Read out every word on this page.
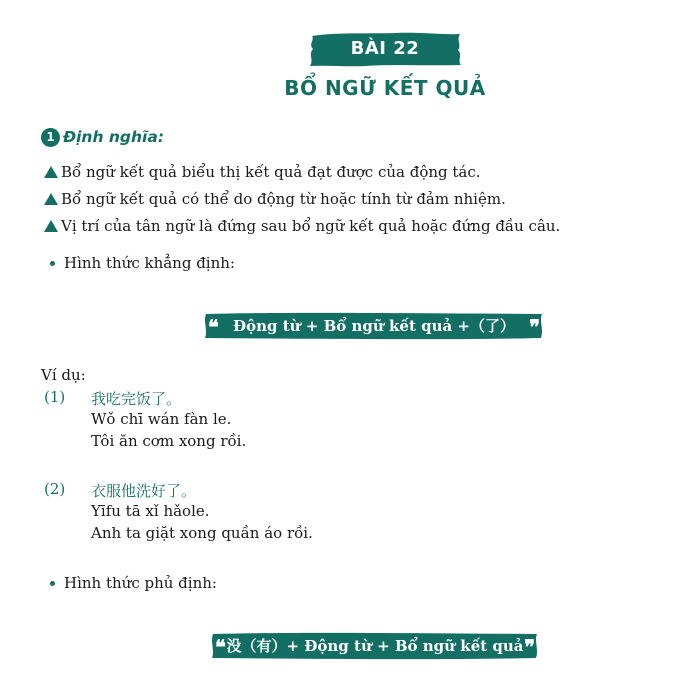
BÀI 22
BỔ NGỮ KẾT QUẢ
1 Định nghĩa:
Bổ ngữ kết quả biểu thị kết quả đạt được của động tác.
Bổ ngữ kết quả có thể do động từ hoặc tính từ đảm nhiệm.
Vị trí của tân ngữ là đứng sau bổ ngữ kết quả hoặc đứng đầu câu.
Hình thức khẳng định:
❝ Động từ + Bổ ngữ kết quả +（了） ❞
Ví dụ:
(1) 我吃完饭了。
Wǒ chī wán fàn le.
Tôi ăn cơm xong rồi.
(2) 衣服他洗好了。
Yīfu tā xǐ hǎole.
Anh ta giặt xong quần áo rồi.
Hình thức phủ định:
❝ 没（有）+ Động từ + Bổ ngữ kết quả ❞
